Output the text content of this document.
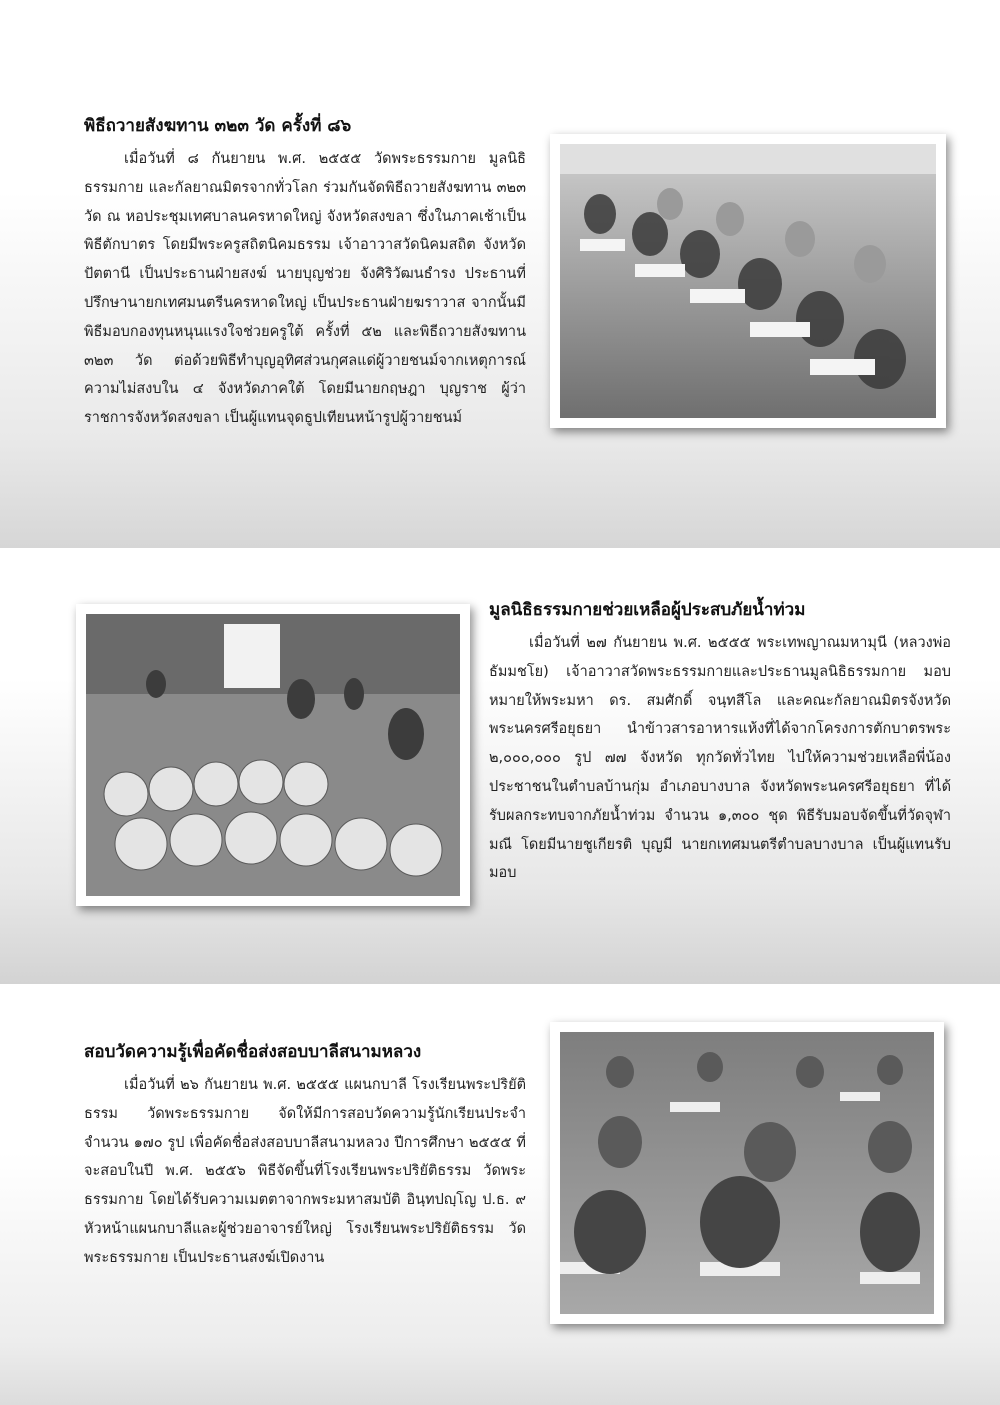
พิธีถวายสังฆทาน ๓๒๓ วัด ครั้งที่ ๘๖

เมื่อวันที่ ๘ กันยายน พ.ศ. ๒๕๕๕ วัดพระธรรมกาย มูลนิธิธรรมกาย และกัลยาณมิตรจากทั่วโลก ร่วมกันจัดพิธีถวายสังฆทาน ๓๒๓ วัด ณ หอประชุมเทศบาลนครหาดใหญ่ จังหวัดสงขลา ซึ่งในภาคเช้าเป็นพิธีตักบาตร โดยมีพระครูสถิตนิคมธรรม เจ้าอาวาสวัดนิคมสถิต จังหวัดปัตตานี เป็นประธานฝ่ายสงฆ์ นายบุญช่วย จังศิริวัฒนธำรง ประธานที่ปรึกษานายกเทศมนตรีนครหาดใหญ่ เป็นประธานฝ่ายฆราวาส จากนั้นมีพิธีมอบกองทุนหนุนแรงใจช่วยครูใต้ ครั้งที่ ๕๒ และพิธีถวายสังฆทาน ๓๒๓ วัด ต่อด้วยพิธีทำบุญอุทิศส่วนกุศลแด่ผู้วายชนม์จากเหตุการณ์ความไม่สงบใน ๔ จังหวัดภาคใต้ โดยมีนายกฤษฎา บุญราช ผู้ว่าราชการจังหวัดสงขลา เป็นผู้แทนจุดธูปเทียนหน้ารูปผู้วายชนม์

มูลนิธิธรรมกายช่วยเหลือผู้ประสบภัยน้ำท่วม

เมื่อวันที่ ๒๗ กันยายน พ.ศ. ๒๕๕๕ พระเทพญาณมหามุนี (หลวงพ่อธัมมชโย) เจ้าอาวาสวัดพระธรรมกายและประธานมูลนิธิธรรมกาย มอบหมายให้พระมหา ดร. สมศักดิ์ จนฺทสีโล และคณะกัลยาณมิตรจังหวัดพระนครศรีอยุธยา นำข้าวสารอาหารแห้งที่ได้จากโครงการตักบาตรพระ ๒,๐๐๐,๐๐๐ รูป ๗๗ จังหวัด ทุกวัดทั่วไทย ไปให้ความช่วยเหลือพี่น้องประชาชนในตำบลบ้านกุ่ม อำเภอบางบาล จังหวัดพระนครศรีอยุธยา ที่ได้รับผลกระทบจากภัยน้ำท่วม จำนวน ๑,๓๐๐ ชุด พิธีรับมอบจัดขึ้นที่วัดจุฬามณี โดยมีนายชูเกียรติ บุญมี นายกเทศมนตรีตำบลบางบาล เป็นผู้แทนรับมอบ

สอบวัดความรู้เพื่อคัดชื่อส่งสอบบาลีสนามหลวง

เมื่อวันที่ ๒๖ กันยายน พ.ศ. ๒๕๕๕ แผนกบาลี โรงเรียนพระปริยัติธรรม วัดพระธรรมกาย จัดให้มีการสอบวัดความรู้นักเรียนประจำ จำนวน ๑๗๐ รูป เพื่อคัดชื่อส่งสอบบาลีสนามหลวง ปีการศึกษา ๒๕๕๕ ที่จะสอบในปี พ.ศ. ๒๕๕๖ พิธีจัดขึ้นที่โรงเรียนพระปริยัติธรรม วัดพระธรรมกาย โดยได้รับความเมตตาจากพระมหาสมบัติ อินฺทปญฺโญ ป.ธ. ๙ หัวหน้าแผนกบาลีและผู้ช่วยอาจารย์ใหญ่ โรงเรียนพระปริยัติธรรม วัดพระธรรมกาย เป็นประธานสงฆ์เปิดงาน
